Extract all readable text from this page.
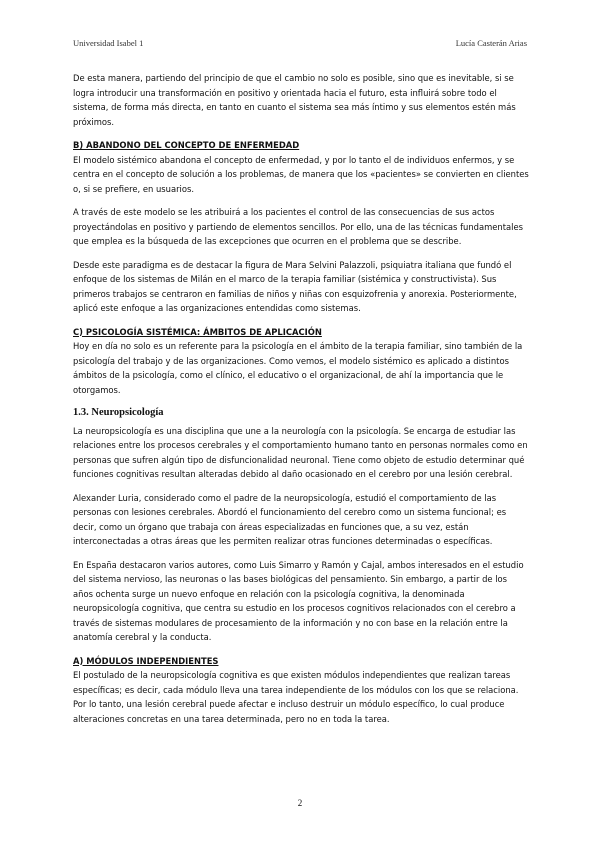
Universidad Isabel 1	Lucía Casterán Arias

De esta manera, partiendo del principio de que el cambio no solo es posible, sino que es inevitable, si se logra introducir una transformación en positivo y orientada hacia el futuro, esta influirá sobre todo el sistema, de forma más directa, en tanto en cuanto el sistema sea más íntimo y sus elementos estén más próximos.

B) ABANDONO DEL CONCEPTO DE ENFERMEDAD

El modelo sistémico abandona el concepto de enfermedad, y por lo tanto el de individuos enfermos, y se centra en el concepto de solución a los problemas, de manera que los «pacientes» se convierten en clientes o, si se prefiere, en usuarios.

A través de este modelo se les atribuirá a los pacientes el control de las consecuencias de sus actos proyectándolas en positivo y partiendo de elementos sencillos. Por ello, una de las técnicas fundamentales que emplea es la búsqueda de las excepciones que ocurren en el problema que se describe.

Desde este paradigma es de destacar la figura de Mara Selvini Palazzoli, psiquiatra italiana que fundó el enfoque de los sistemas de Milán en el marco de la terapia familiar (sistémica y constructivista). Sus primeros trabajos se centraron en familias de niños y niñas con esquizofrenia y anorexia. Posteriormente, aplicó este enfoque a las organizaciones entendidas como sistemas.

C) PSICOLOGÍA SISTÉMICA: ÁMBITOS DE APLICACIÓN

Hoy en día no solo es un referente para la psicología en el ámbito de la terapia familiar, sino también de la psicología del trabajo y de las organizaciones. Como vemos, el modelo sistémico es aplicado a distintos ámbitos de la psicología, como el clínico, el educativo o el organizacional, de ahí la importancia que le otorgamos.

1.3. Neuropsicología

La neuropsicología es una disciplina que une a la neurología con la psicología. Se encarga de estudiar las relaciones entre los procesos cerebrales y el comportamiento humano tanto en personas normales como en personas que sufren algún tipo de disfuncionalidad neuronal. Tiene como objeto de estudio determinar qué funciones cognitivas resultan alteradas debido al daño ocasionado en el cerebro por una lesión cerebral.

Alexander Luria, considerado como el padre de la neuropsicología, estudió el comportamiento de las personas con lesiones cerebrales. Abordó el funcionamiento del cerebro como un sistema funcional; es decir, como un órgano que trabaja con áreas especializadas en funciones que, a su vez, están interconectadas a otras áreas que les permiten realizar otras funciones determinadas o específicas.

En España destacaron varios autores, como Luis Simarro y Ramón y Cajal, ambos interesados en el estudio del sistema nervioso, las neuronas o las bases biológicas del pensamiento. Sin embargo, a partir de los años ochenta surge un nuevo enfoque en relación con la psicología cognitiva, la denominada neuropsicología cognitiva, que centra su estudio en los procesos cognitivos relacionados con el cerebro a través de sistemas modulares de procesamiento de la información y no con base en la relación entre la anatomía cerebral y la conducta.

A) MÓDULOS INDEPENDIENTES

El postulado de la neuropsicología cognitiva es que existen módulos independientes que realizan tareas específicas; es decir, cada módulo lleva una tarea independiente de los módulos con los que se relaciona. Por lo tanto, una lesión cerebral puede afectar e incluso destruir un módulo específico, lo cual produce alteraciones concretas en una tarea determinada, pero no en toda la tarea.

2
